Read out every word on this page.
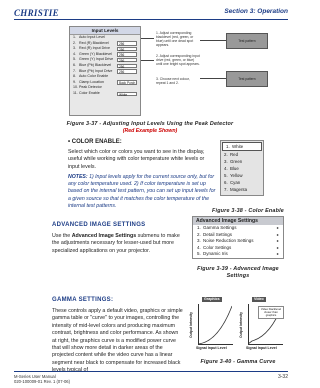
CHRISTIE	Section 3: Operation
Input Levels
1. Auto Input Level
2. Red (R) Blacklevel	256
3. Red (R) Input Drive	256
4. Green (Y) Blacklevel	256
5. Green (Y) Input Drive	256
6. Blue (Pb) Blacklevel	256
7. Blue (Pb) Input Drive	256
8. Auto Color Enable
9. Clamp Location	Back Porch
10.Peak Detector
11.Color Enable	White
1. Adjust corresponding blacklevel (red, green, or blue) until one dead spot appears.
2. Adjust corresponding input drive (red, green, or blue) until one bright spot appears.
3. Choose next colour, repeat 1 and 2.
Test pattern
Test pattern
Figure 3-37 - Adjusting Input Levels Using the Peak Detector
(Red Example Shown)
• COLOR ENABLE:
Select which color or colors you want to see in the display, useful while working with color temperature white levels or input levels.
NOTES: 1) Input levels apply for the current source only, but for any color temperature used. 2) If color temperature is set up based on the internal test pattern, you can set up input levels for a given source so that it matches the color temperature of the internal test patterns.
1. White
2. Red
3. Green
4. Blue
5. Yellow
6. Cyan
7. Magenta
Figure 3-38 - Color Enable
ADVANCED IMAGE SETTINGS
Use the Advanced Image Settings submenu to make the adjustments necessary for lesser-used but more specialized applications on your projector.
Advanced Image Settings
1. Gamma Settings	▸
2. Detail Settings	▸
3. Noise Reduction Settings	▸
4. Color Settings	▸
5. Dynamic Iris	▸
Figure 3-39 - Advanced Image
Settings
GAMMA SETTINGS:
These controls apply a default video, graphics or simple gamma table or "curve" to your images, controlling the intensity of mid-level colors and producing maximum contrast, brightness and color performance. As shown at right, the graphics curve is a modified power curve that will show more detail in darker areas of the projected content while the video curve has a linear segment near black to compensate for increased black
Graphics
Output Intensity
Signal Input Level
Video
Video blacklevel
closer than
graphics
Output Intensity
Signal Input Level
Figure 3-40 - Gamma Curve
M-Series User Manual
020-100009-01 Rev. 1 (07-06)
3-32
